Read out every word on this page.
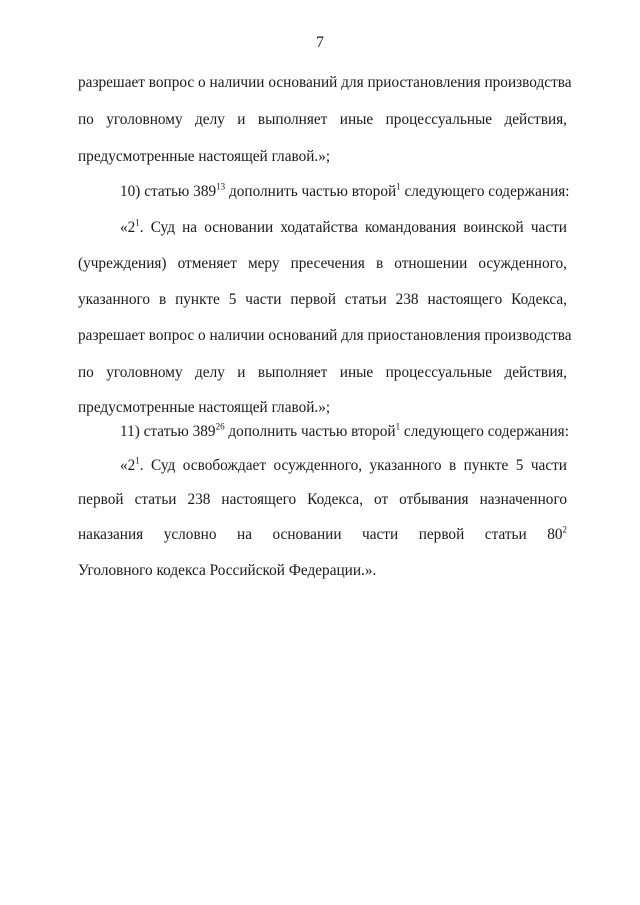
7
разрешает вопрос о наличии оснований для приостановления производства
по уголовному делу и выполняет иные процессуальные действия,
предусмотренные настоящей главой.»;
10) статью $389^{13}$ дополнить частью второй$^1$ следующего содержания:
«$2^1$. Суд на основании ходатайства командования воинской части
(учреждения) отменяет меру пресечения в отношении осужденного,
указанного в пункте 5 части первой статьи 238 настоящего Кодекса,
разрешает вопрос о наличии оснований для приостановления производства
по уголовному делу и выполняет иные процессуальные действия,
предусмотренные настоящей главой.»;
11) статью $389^{26}$ дополнить частью второй$^1$ следующего содержания:
«$2^1$. Суд освобождает осужденного, указанного в пункте 5 части
первой статьи 238 настоящего Кодекса, от отбывания назначенного
наказания условно на основании части первой статьи $80^2$
Уголовного кодекса Российской Федерации.».
